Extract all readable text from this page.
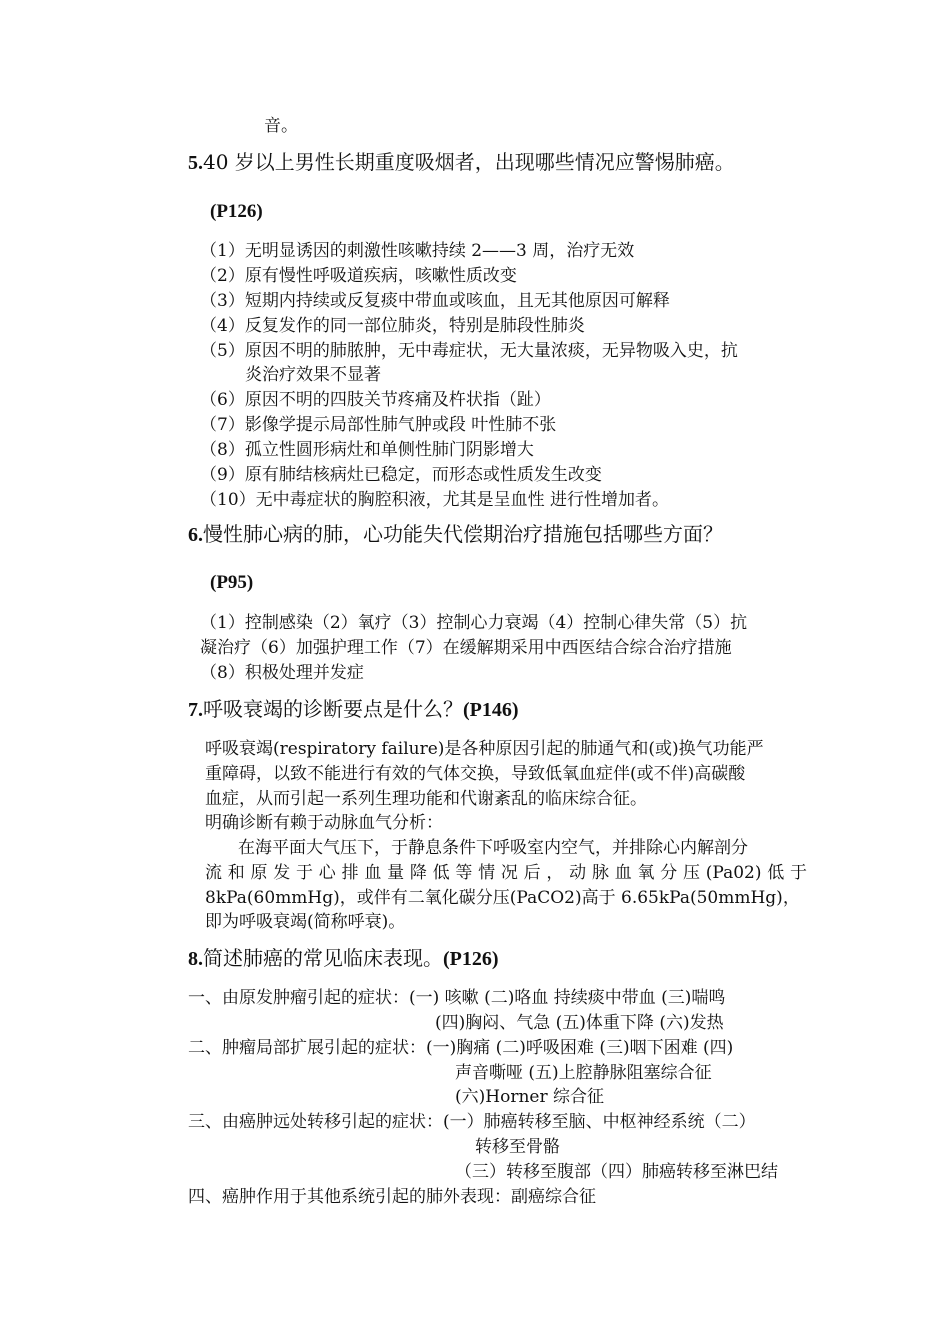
音。
5.40 岁以上男性长期重度吸烟者，出现哪些情况应警惕肺癌。
(P126)
（1）无明显诱因的刺激性咳嗽持续 2——3 周，治疗无效
（2）原有慢性呼吸道疾病，咳嗽性质改变
（3）短期内持续或反复痰中带血或咳血，且无其他原因可解释
（4）反复发作的同一部位肺炎，特别是肺段性肺炎
（5）原因不明的肺脓肿，无中毒症状，无大量浓痰，无异物吸入史，抗
炎治疗效果不显著
（6）原因不明的四肢关节疼痛及杵状指（趾）
（7）影像学提示局部性肺气肿或段 叶性肺不张
（8）孤立性圆形病灶和单侧性肺门阴影增大
（9）原有肺结核病灶已稳定，而形态或性质发生改变
（10）无中毒症状的胸腔积液，尤其是呈血性 进行性增加者。
6.慢性肺心病的肺，心功能失代偿期治疗措施包括哪些方面？
(P95)
（1）控制感染（2）氧疗（3）控制心力衰竭（4）控制心律失常（5）抗
凝治疗（6）加强护理工作（7）在缓解期采用中西医结合综合治疗措施
（8）积极处理并发症
7.呼吸衰竭的诊断要点是什么？(P146)
呼吸衰竭(respiratory failure)是各种原因引起的肺通气和(或)换气功能严
重障碍，以致不能进行有效的气体交换，导致低氧血症伴(或不伴)高碳酸
血症，从而引起一系列生理功能和代谢紊乱的临床综合征。
明确诊断有赖于动脉血气分析：
在海平面大气压下，于静息条件下呼吸室内空气，并排除心内解剖分
流和原发于心排血量降低等情况后，动脉血氧分压(Pa02)低于
8kPa(60mmHg)，或伴有二氧化碳分压(PaCO2)高于 6.65kPa(50mmHg)，
即为呼吸衰竭(简称呼衰)。
8.简述肺癌的常见临床表现。(P126)
一、由原发肿瘤引起的症状：(一) 咳嗽 (二)咯血 持续痰中带血 (三)喘鸣
(四)胸闷、气急 (五)体重下降 (六)发热
二、肿瘤局部扩展引起的症状：(一)胸痛 (二)呼吸困难 (三)咽下困难 (四)
声音嘶哑 (五)上腔静脉阻塞综合征
(六)Horner 综合征
三、由癌肿远处转移引起的症状：(一）肺癌转移至脑、中枢神经系统（二）
转移至骨骼
（三）转移至腹部（四）肺癌转移至淋巴结
四、癌肿作用于其他系统引起的肺外表现：副癌综合征
